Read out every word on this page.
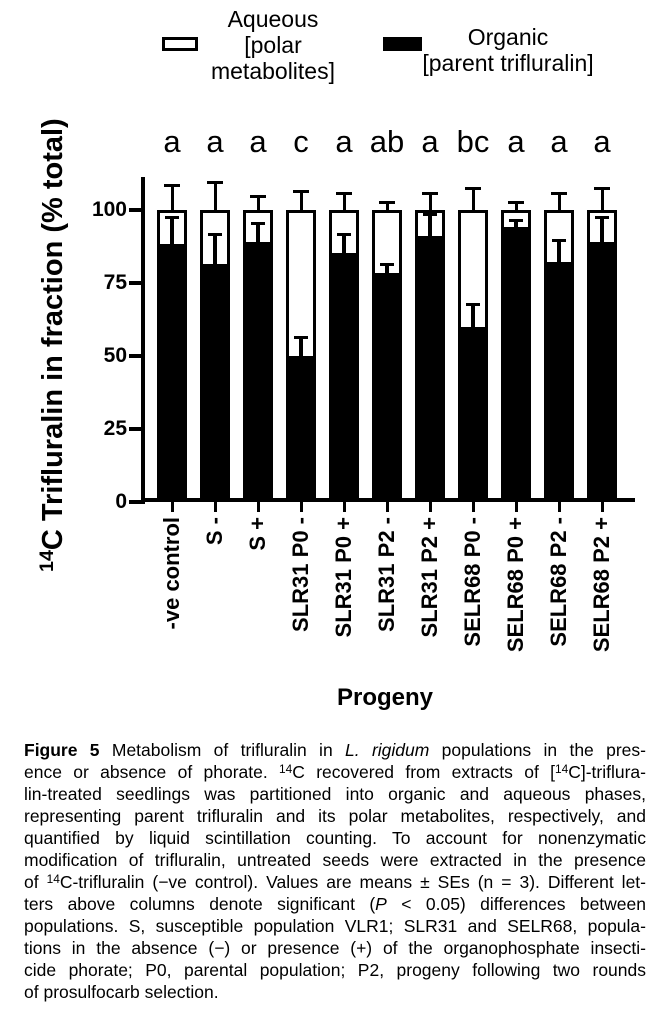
Aqueous
[polar
metabolites]
Organic
[parent trifluralin]
$^{14}$C Trifluralin in fraction (% total)	0
25
50
75
100
a
-ve control
a
S -
a
S +
c
SLR31 P0 -
a
SLR31 P0 +
ab
SLR31 P2 -
a
SLR31 P2 +
bc
SELR68 P0 -
a
SELR68 P0 +
a
SELR68 P2 -
a
SELR68 P2 +
Progeny
Figure 5 Metabolism of trifluralin in L. rigidum populations in the pres-
ence or absence of phorate. $^{14}$C recovered from extracts of [$^{14}$C]-triflura-
lin-treated seedlings was partitioned into organic and aqueous phases,
representing parent trifluralin and its polar metabolites, respectively, and
quantified by liquid scintillation counting. To account for nonenzymatic
modification of trifluralin, untreated seeds were extracted in the presence
of $^{14}$C-trifluralin (−ve control). Values are means ± SEs (n = 3). Different let-
ters above columns denote significant (P < 0.05) differences between
populations. S, susceptible population VLR1; SLR31 and SELR68, popula-
tions in the absence (−) or presence (+) of the organophosphate insecti-
cide phorate; P0, parental population; P2, progeny following two rounds
of prosulfocarb selection.
